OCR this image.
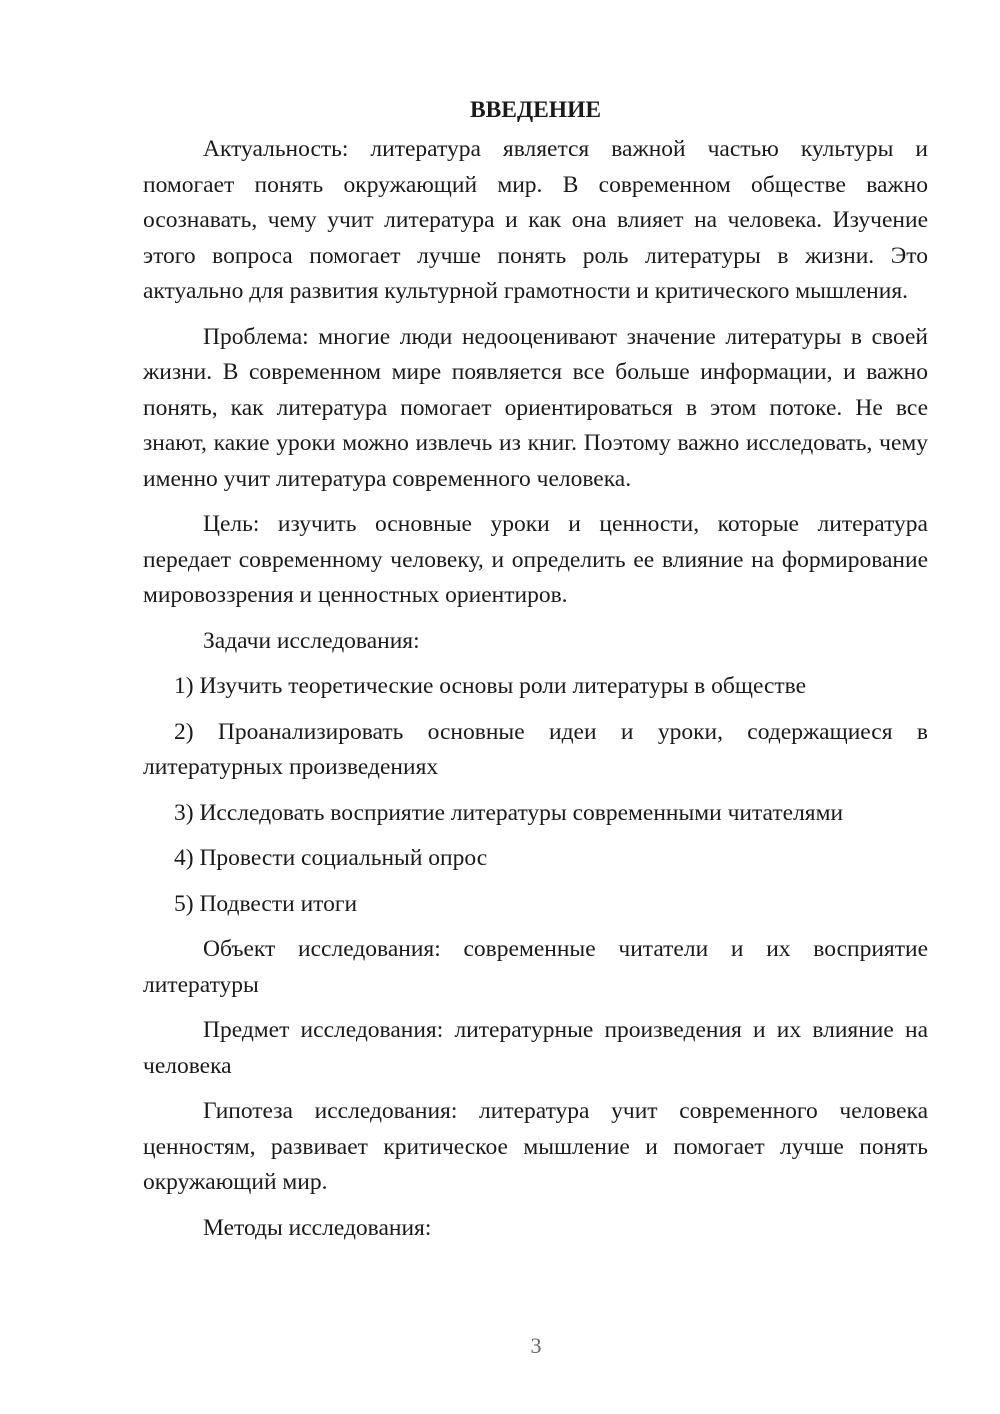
ВВЕДЕНИЕ

Актуальность: литература является важной частью культуры и помогает понять окружающий мир. В современном обществе важно осознавать, чему учит литература и как она влияет на человека. Изучение этого вопроса помогает лучше понять роль литературы в жизни. Это актуально для развития культурной грамотности и критического мышления.

Проблема: многие люди недооценивают значение литературы в своей жизни. В современном мире появляется все больше информации, и важно понять, как литература помогает ориентироваться в этом потоке. Не все знают, какие уроки можно извлечь из книг. Поэтому важно исследовать, чему именно учит литература современного человека.

Цель: изучить основные уроки и ценности, которые литература передает современному человеку, и определить ее влияние на формирование мировоззрения и ценностных ориентиров.

Задачи исследования:

1) Изучить теоретические основы роли литературы в обществе

2) Проанализировать основные идеи и уроки, содержащиеся в литературных произведениях

3) Исследовать восприятие литературы современными читателями

4) Провести социальный опрос

5) Подвести итоги

Объект исследования: современные читатели и их восприятие литературы

Предмет исследования: литературные произведения и их влияние на человека

Гипотеза исследования: литература учит современного человека ценностям, развивает критическое мышление и помогает лучше понять окружающий мир.

Методы исследования:

3
